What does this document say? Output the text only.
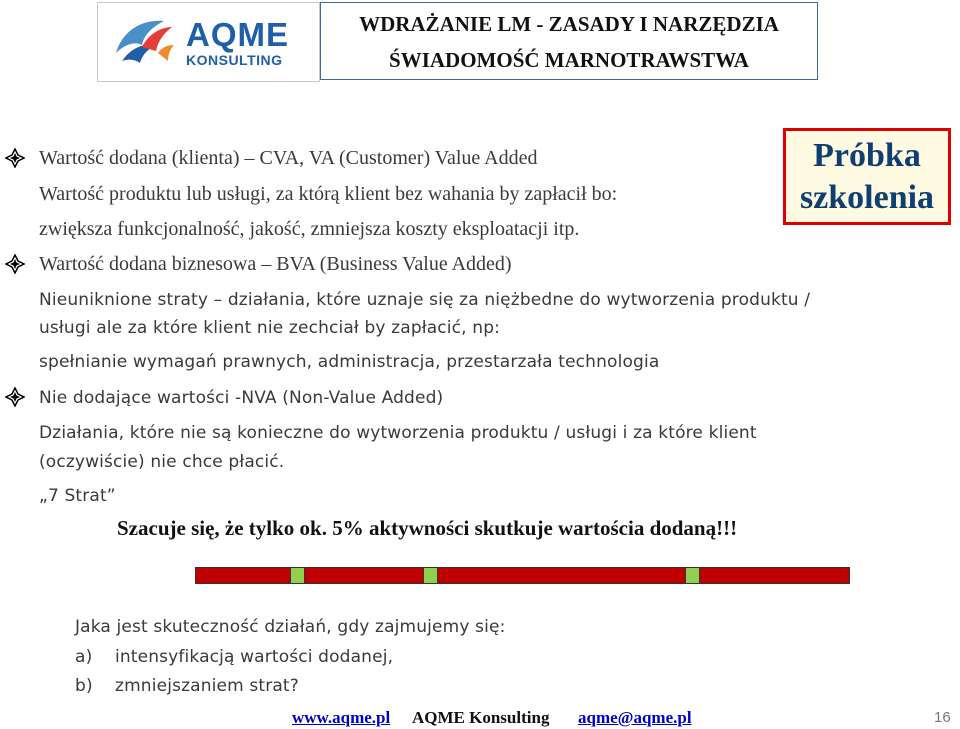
AQME
KONSULTING
WDRAŻANIE LM - ZASADY I NARZĘDZIA
ŚWIADOMOŚĆ MARNOTRAWSTWA
Próbka
szkolenia
Wartość dodana (klienta) – CVA, VA (Customer) Value Added
Wartość produktu lub usługi, za którą klient bez wahania by zapłacił bo:
zwiększa funkcjonalność, jakość, zmniejsza koszty eksploatacji itp.
Wartość dodana biznesowa – BVA (Business Value Added)
Nieuniknione straty – działania, które uznaje się za niężbedne do wytworzenia produktu /
usługi ale za które klient nie zechciał by zapłacić, np:
spełnianie wymagań prawnych, administracja, przestarzała technologia
Nie dodające wartości -NVA (Non-Value Added)
Działania, które nie są konieczne do wytworzenia produktu / usługi i za które klient
(oczywiście) nie chce płacić.
„7 Strat”
Szacuje się, że tylko ok. 5% aktywności skutkuje wartościa dodaną!!!
Jaka jest skuteczność działań, gdy zajmujemy się:
a) intensyfikacją wartości dodanej,
b) zmniejszaniem strat?
www.aqme.pl AQME Konsulting aqme@aqme.pl	16
